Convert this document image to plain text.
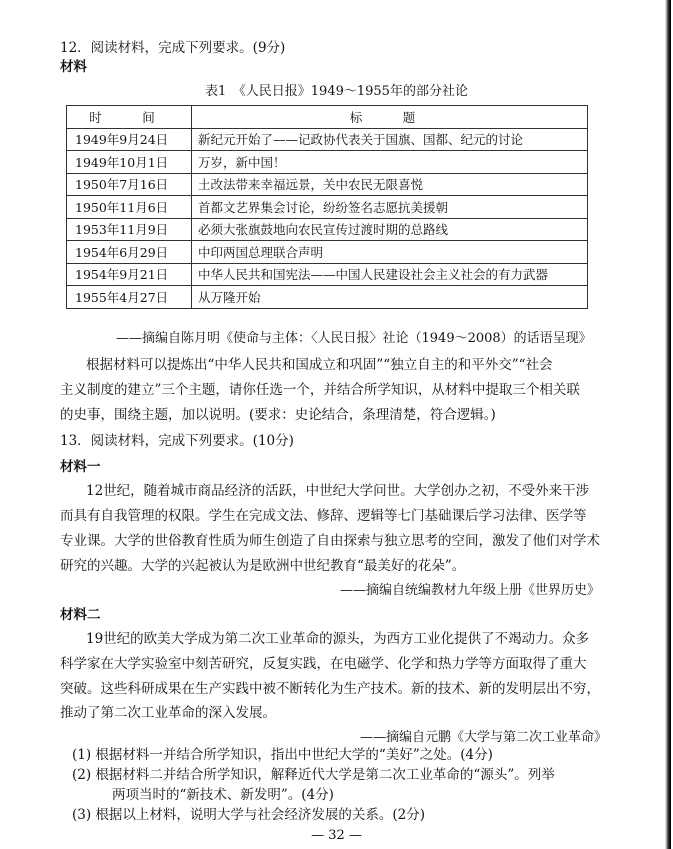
12．阅读材料，完成下列要求。(9分)
材料
表1　《人民日报》1949～1955年的部分社论
时　间	标　题
1949年9月24日	新纪元开始了——记政协代表关于国旗、国都、纪元的讨论
1949年10月1日	万岁，新中国！
1950年7月16日	土改法带来幸福远景，关中农民无限喜悦
1950年11月6日	首都文艺界集会讨论，纷纷签名志愿抗美援朝
1953年11月9日	必须大张旗鼓地向农民宣传过渡时期的总路线
1954年6月29日	中印两国总理联合声明
1954年9月21日	中华人民共和国宪法——中国人民建设社会主义社会的有力武器
1955年4月27日	从万隆开始
——摘编自陈月明《使命与主体：〈人民日报〉社论（1949～2008）的话语呈现》
根据材料可以提炼出“中华人民共和国成立和巩固”“独立自主的和平外交”“社会
主义制度的建立”三个主题，请你任选一个，并结合所学知识，从材料中提取三个相关联
的史事，围绕主题，加以说明。(要求：史论结合，条理清楚，符合逻辑。)
13．阅读材料，完成下列要求。(10分)
材料一
12世纪，随着城市商品经济的活跃，中世纪大学问世。大学创办之初，不受外来干涉
而具有自我管理的权限。学生在完成文法、修辞、逻辑等七门基础课后学习法律、医学等
专业课。大学的世俗教育性质为师生创造了自由探索与独立思考的空间，激发了他们对学术
研究的兴趣。大学的兴起被认为是欧洲中世纪教育“最美好的花朵”。
——摘编自统编教材九年级上册《世界历史》
材料二
19世纪的欧美大学成为第二次工业革命的源头，为西方工业化提供了不竭动力。众多
科学家在大学实验室中刻苦研究，反复实践，在电磁学、化学和热力学等方面取得了重大
突破。这些科研成果在生产实践中被不断转化为生产技术。新的技术、新的发明层出不穷，
推动了第二次工业革命的深入发展。
——摘编自元鹏《大学与第二次工业革命》
(1) 根据材料一并结合所学知识，指出中世纪大学的“美好”之处。(4分)
(2) 根据材料二并结合所学知识，解释近代大学是第二次工业革命的“源头”。列举
两项当时的“新技术、新发明”。(4分)
(3) 根据以上材料，说明大学与社会经济发展的关系。(2分)
— 32 —
